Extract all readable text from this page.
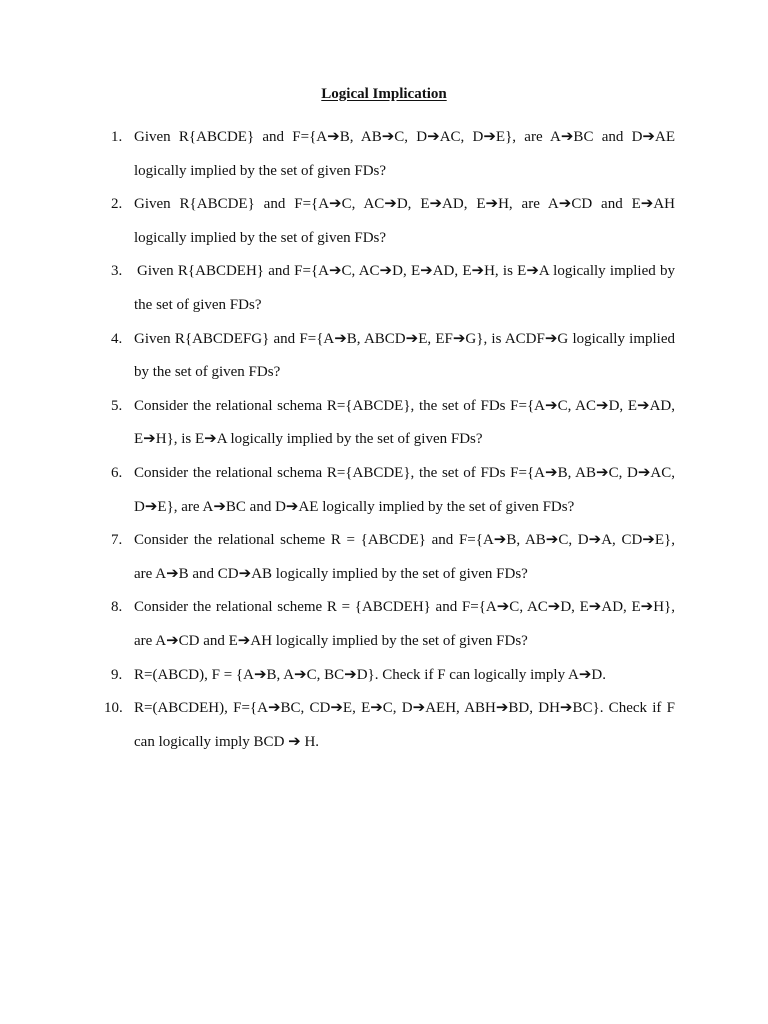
Logical Implication
1. Given R{ABCDE} and F={A➔B, AB➔C, D➔AC, D➔E}, are A➔BC and D➔AE logically implied by the set of given FDs?
2. Given R{ABCDE} and F={A➔C, AC➔D, E➔AD, E➔H, are A➔CD and E➔AH logically implied by the set of given FDs?
3. Given R{ABCDEH} and F={A➔C, AC➔D, E➔AD, E➔H, is E➔A logically implied by the set of given FDs?
4. Given R{ABCDEFG} and F={A➔B, ABCD➔E, EF➔G}, is ACDF➔G logically implied by the set of given FDs?
5. Consider the relational schema R={ABCDE}, the set of FDs F={A➔C, AC➔D, E➔AD, E➔H}, is E➔A logically implied by the set of given FDs?
6. Consider the relational schema R={ABCDE}, the set of FDs F={A➔B, AB➔C, D➔AC, D➔E}, are A➔BC and D➔AE logically implied by the set of given FDs?
7. Consider the relational scheme R = {ABCDE} and F={A➔B, AB➔C, D➔A, CD➔E}, are A➔B and CD➔AB logically implied by the set of given FDs?
8. Consider the relational scheme R = {ABCDEH} and F={A➔C, AC➔D, E➔AD, E➔H}, are A➔CD and E➔AH logically implied by the set of given FDs?
9. R=(ABCD), F = {A➔B, A➔C, BC➔D}. Check if F can logically imply A➔D.
10. R=(ABCDEH), F={A➔BC, CD➔E, E➔C, D➔AEH, ABH➔BD, DH➔BC}. Check if F can logically imply BCD ➔ H.
